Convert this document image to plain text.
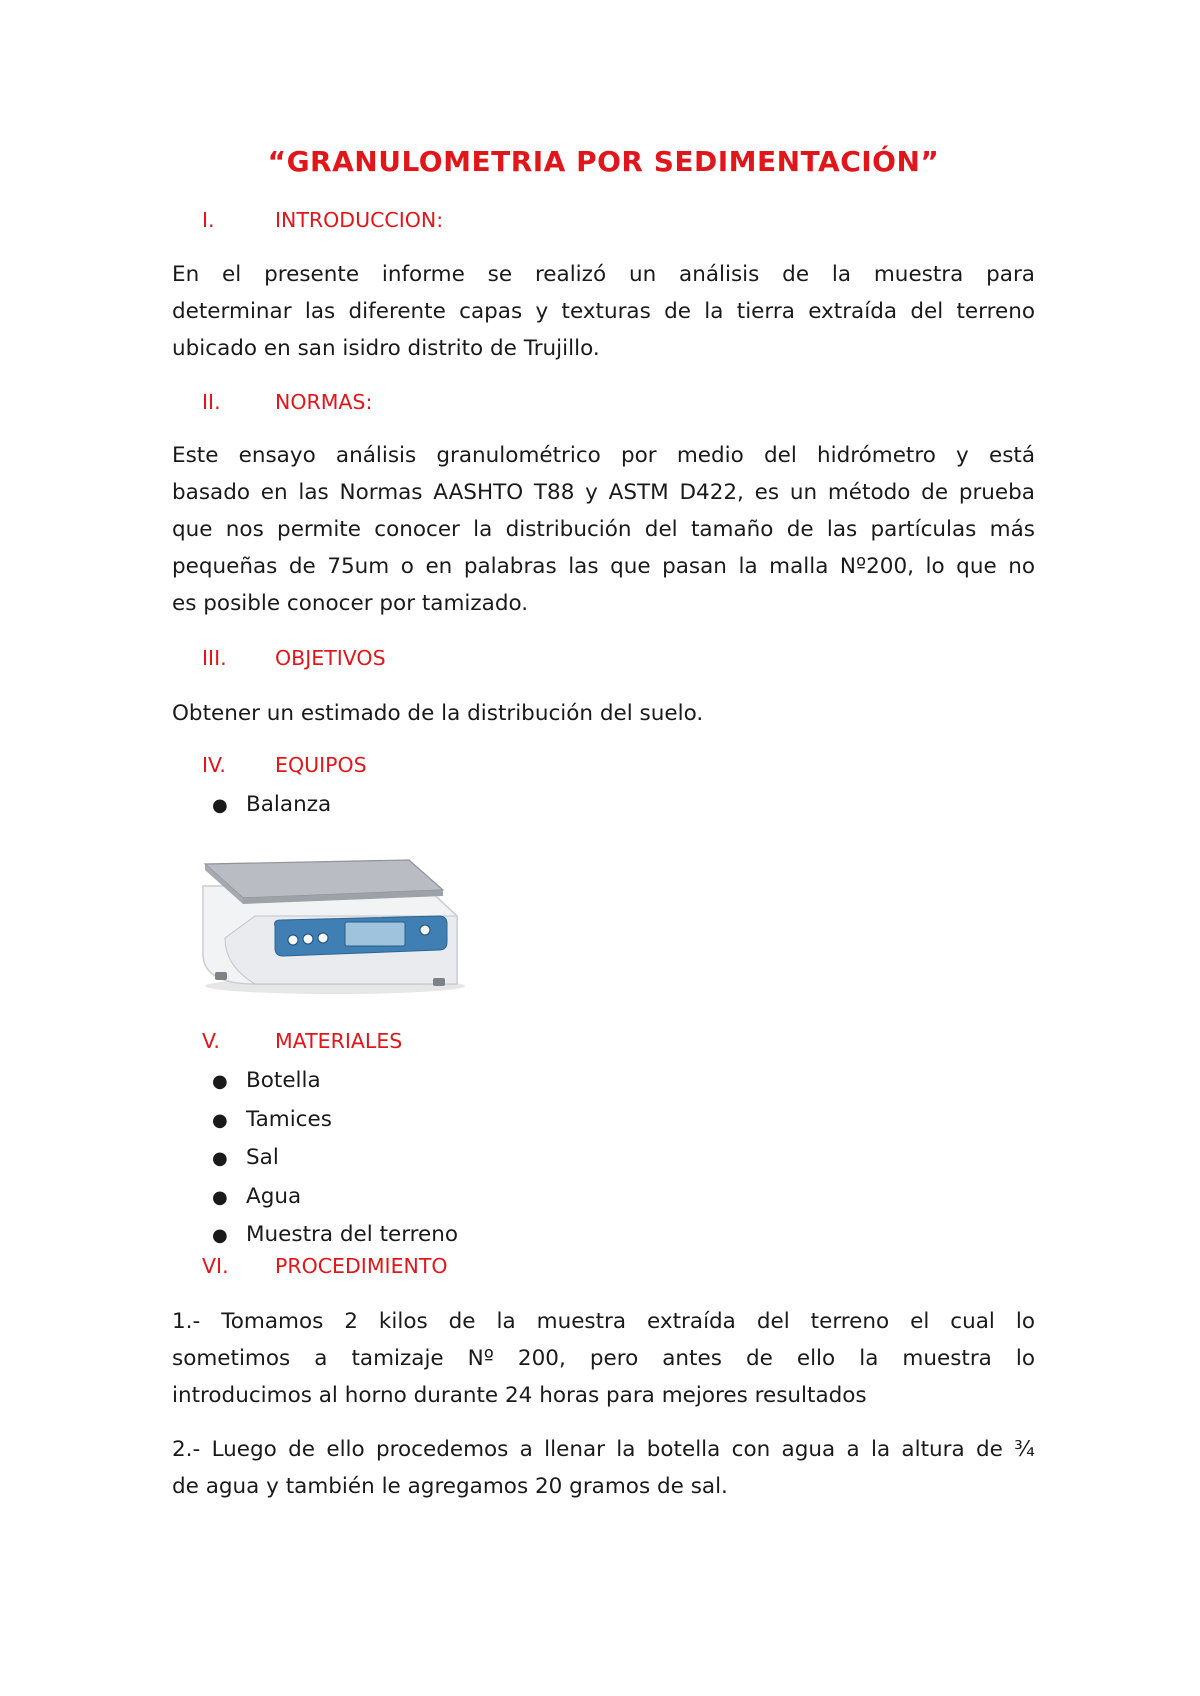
“GRANULOMETRIA POR SEDIMENTACIÓN”

I.	INTRODUCCION:

En el presente informe se realizó un análisis de la muestra para
determinar las diferente capas y texturas de la tierra extraída del terreno
ubicado en san isidro distrito de Trujillo.

II.	NORMAS:

Este ensayo análisis granulométrico por medio del hidrómetro y está
basado en las Normas AASHTO T88 y ASTM D422, es un método de prueba
que nos permite conocer la distribución del tamaño de las partículas más
pequeñas de 75um o en palabras las que pasan la malla Nº200, lo que no
es posible conocer por tamizado.

III. OBJETIVOS

Obtener un estimado de la distribución del suelo.

IV. EQUIPOS

● Balanza

V.	MATERIALES

● Botella
● Tamices
● Sal
● Agua
● Muestra del terreno

VI. PROCEDIMIENTO

1.- Tomamos 2 kilos de la muestra extraída del terreno el cual lo
sometimos a tamizaje Nº 200, pero antes de ello la muestra lo
introducimos al horno durante 24 horas para mejores resultados
2.- Luego de ello procedemos a llenar la botella con agua a la altura de ¾
de agua y también le agregamos 20 gramos de sal.
